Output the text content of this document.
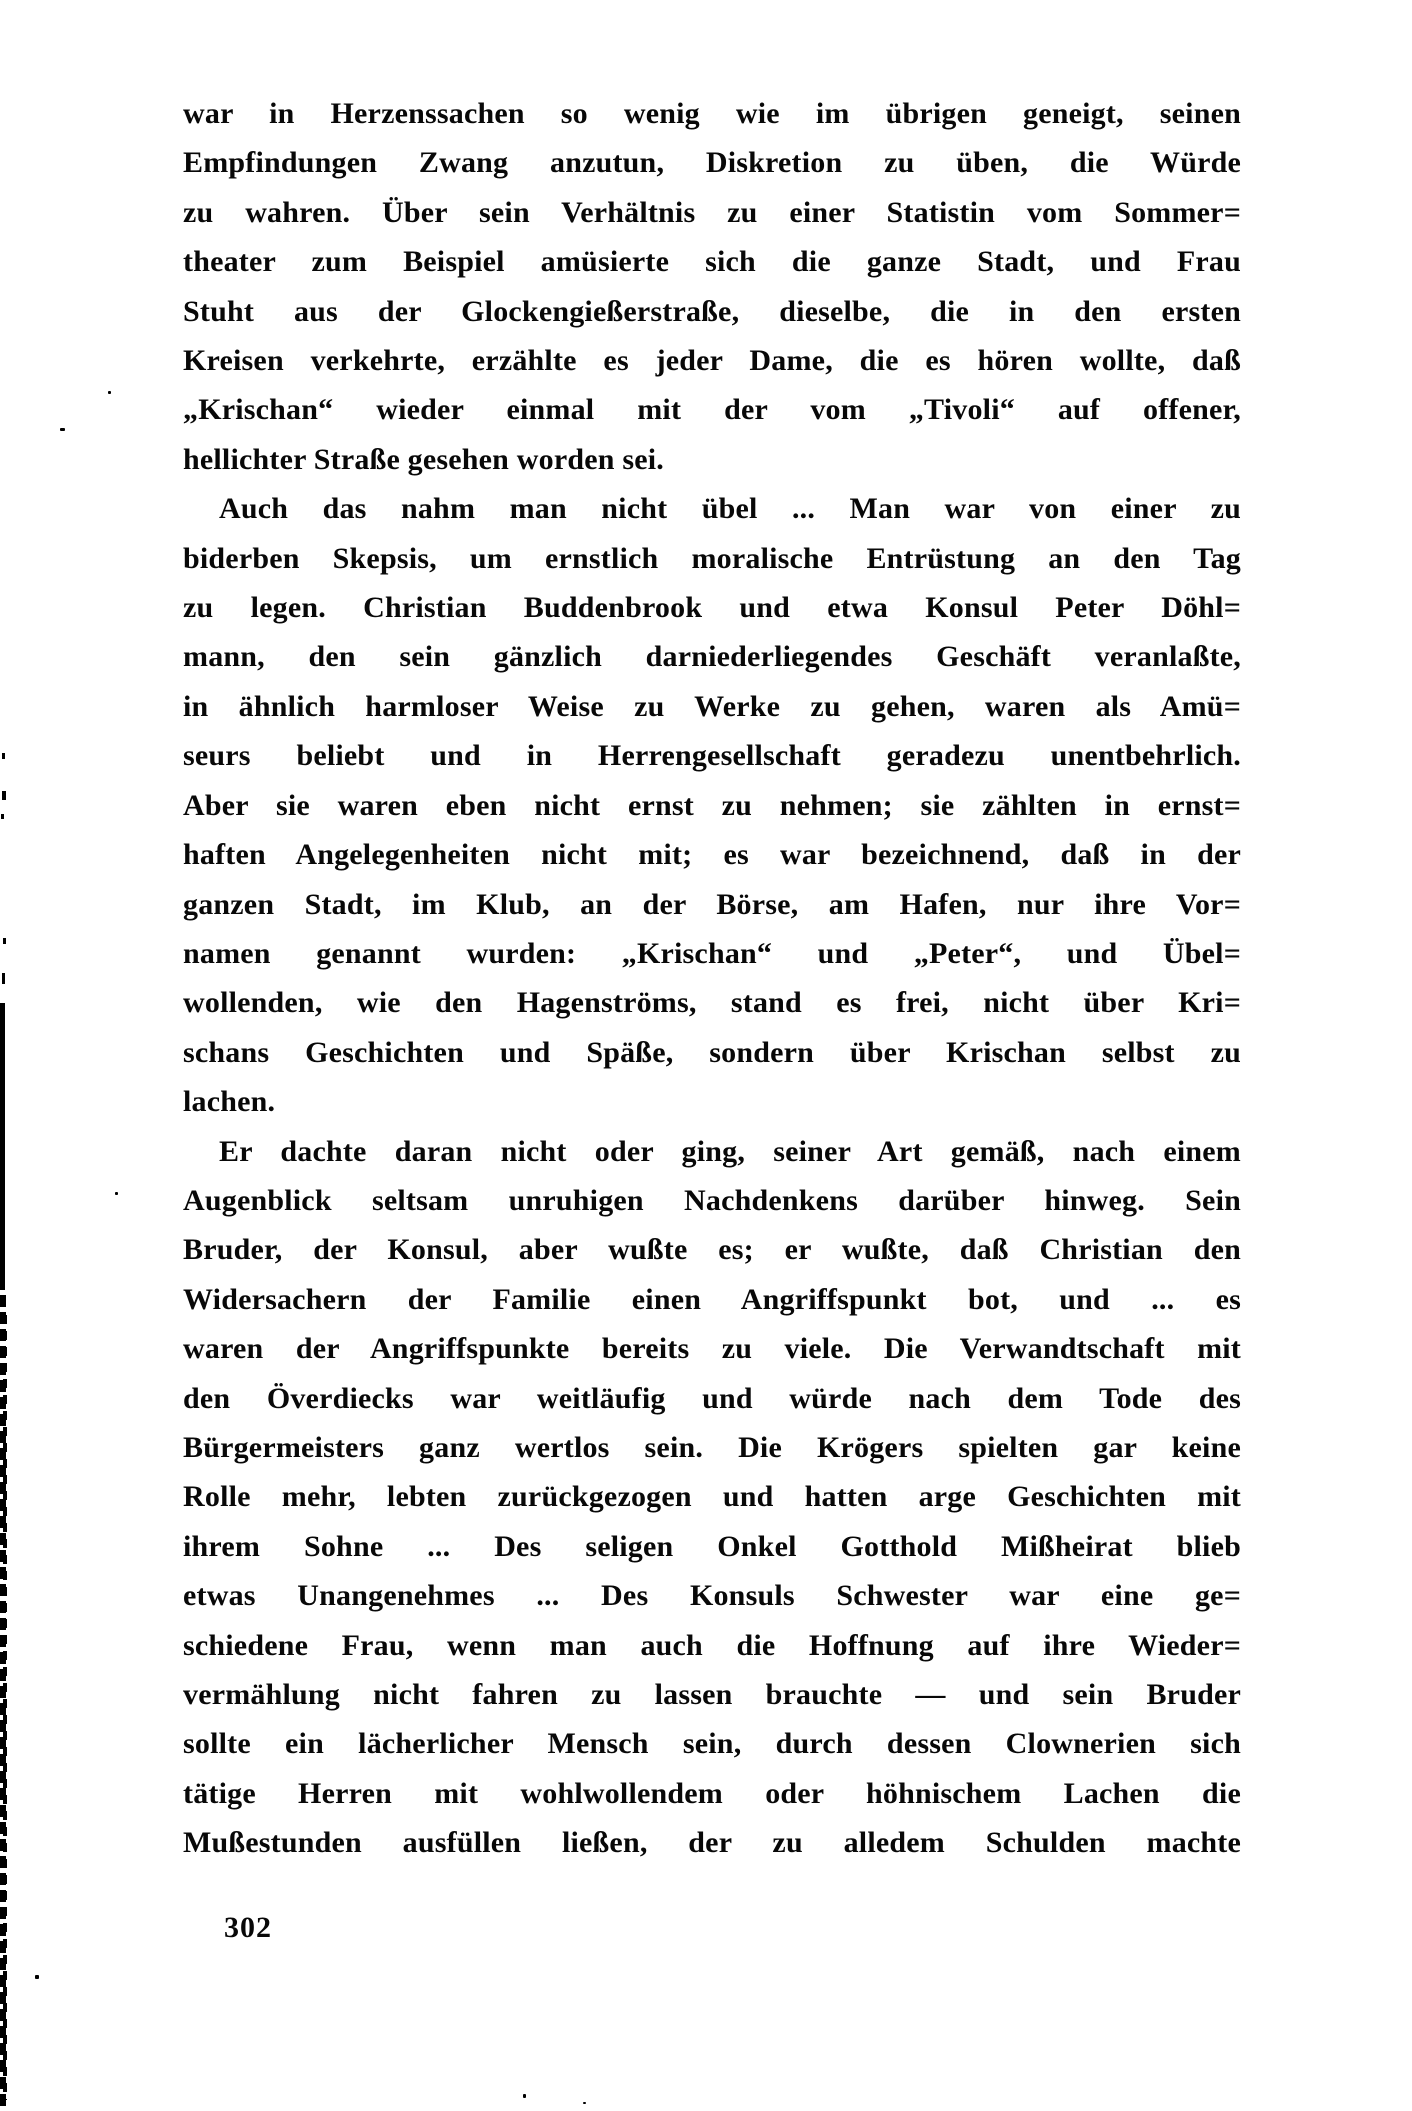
war in Herzenssachen so wenig wie im übrigen geneigt, seinen
Empfindungen Zwang anzutun, Diskretion zu üben, die Würde
zu wahren. Über sein Verhältnis zu einer Statistin vom Sommer=
theater zum Beispiel amüsierte sich die ganze Stadt, und Frau
Stuht aus der Glockengießerstraße, dieselbe, die in den ersten
Kreisen verkehrte, erzählte es jeder Dame, die es hören wollte, daß
„Krischan“ wieder einmal mit der vom „Tivoli“ auf offener,
hellichter Straße gesehen worden sei.
Auch das nahm man nicht übel ... Man war von einer zu
biderben Skepsis, um ernstlich moralische Entrüstung an den Tag
zu legen. Christian Buddenbrook und etwa Konsul Peter Döhl=
mann, den sein gänzlich darniederliegendes Geschäft veranlaßte,
in ähnlich harmloser Weise zu Werke zu gehen, waren als Amü=
seurs beliebt und in Herrengesellschaft geradezu unentbehrlich.
Aber sie waren eben nicht ernst zu nehmen; sie zählten in ernst=
haften Angelegenheiten nicht mit; es war bezeichnend, daß in der
ganzen Stadt, im Klub, an der Börse, am Hafen, nur ihre Vor=
namen genannt wurden: „Krischan“ und „Peter“, und Übel=
wollenden, wie den Hagenströms, stand es frei, nicht über Kri=
schans Geschichten und Späße, sondern über Krischan selbst zu
lachen.
Er dachte daran nicht oder ging, seiner Art gemäß, nach einem
Augenblick seltsam unruhigen Nachdenkens darüber hinweg. Sein
Bruder, der Konsul, aber wußte es; er wußte, daß Christian den
Widersachern der Familie einen Angriffspunkt bot, und ... es
waren der Angriffspunkte bereits zu viele. Die Verwandtschaft mit
den Överdiecks war weitläufig und würde nach dem Tode des
Bürgermeisters ganz wertlos sein. Die Krögers spielten gar keine
Rolle mehr, lebten zurückgezogen und hatten arge Geschichten mit
ihrem Sohne ... Des seligen Onkel Gotthold Mißheirat blieb
etwas Unangenehmes ... Des Konsuls Schwester war eine ge=
schiedene Frau, wenn man auch die Hoffnung auf ihre Wieder=
vermählung nicht fahren zu lassen brauchte — und sein Bruder
sollte ein lächerlicher Mensch sein, durch dessen Clownerien sich
tätige Herren mit wohlwollendem oder höhnischem Lachen die
Mußestunden ausfüllen ließen, der zu alledem Schulden machte
302
